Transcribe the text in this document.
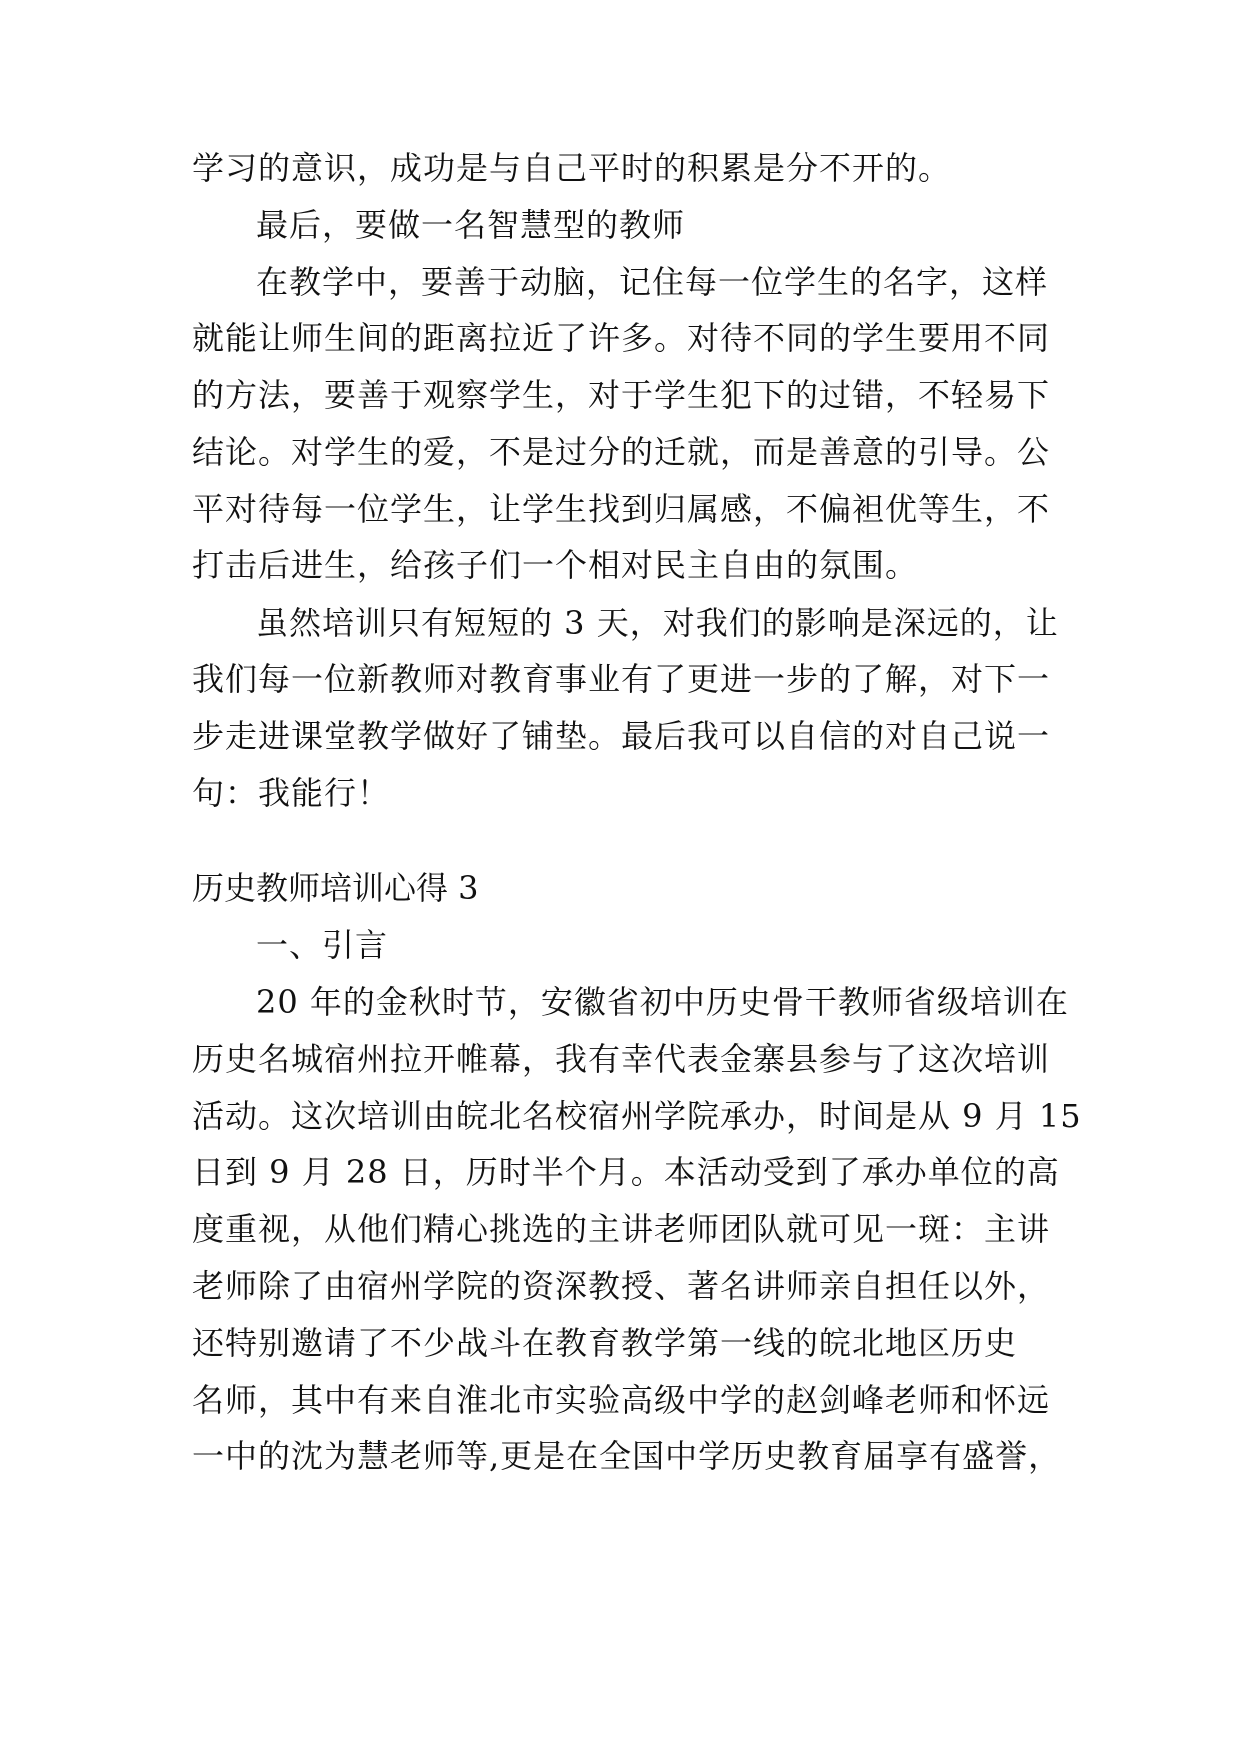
学习的意识，成功是与自己平时的积累是分不开的。
最后，要做一名智慧型的教师
在教学中，要善于动脑，记住每一位学生的名字，这样
就能让师生间的距离拉近了许多。对待不同的学生要用不同
的方法，要善于观察学生，对于学生犯下的过错，不轻易下
结论。对学生的爱，不是过分的迁就，而是善意的引导。公
平对待每一位学生，让学生找到归属感，不偏袒优等生，不
打击后进生，给孩子们一个相对民主自由的氛围。
虽然培训只有短短的 3 天，对我们的影响是深远的，让
我们每一位新教师对教育事业有了更进一步的了解，对下一
步走进课堂教学做好了铺垫。最后我可以自信的对自己说一
句：我能行！
历史教师培训心得 3
一、引言
20 年的金秋时节，安徽省初中历史骨干教师省级培训在
历史名城宿州拉开帷幕，我有幸代表金寨县参与了这次培训
活动。这次培训由皖北名校宿州学院承办，时间是从 9 月 15
日到 9 月 28 日，历时半个月。本活动受到了承办单位的高
度重视，从他们精心挑选的主讲老师团队就可见一斑：主讲
老师除了由宿州学院的资深教授、著名讲师亲自担任以外，
还特别邀请了不少战斗在教育教学第一线的皖北地区历史
名师，其中有来自淮北市实验高级中学的赵剑峰老师和怀远
一中的沈为慧老师等,更是在全国中学历史教育届享有盛誉，
